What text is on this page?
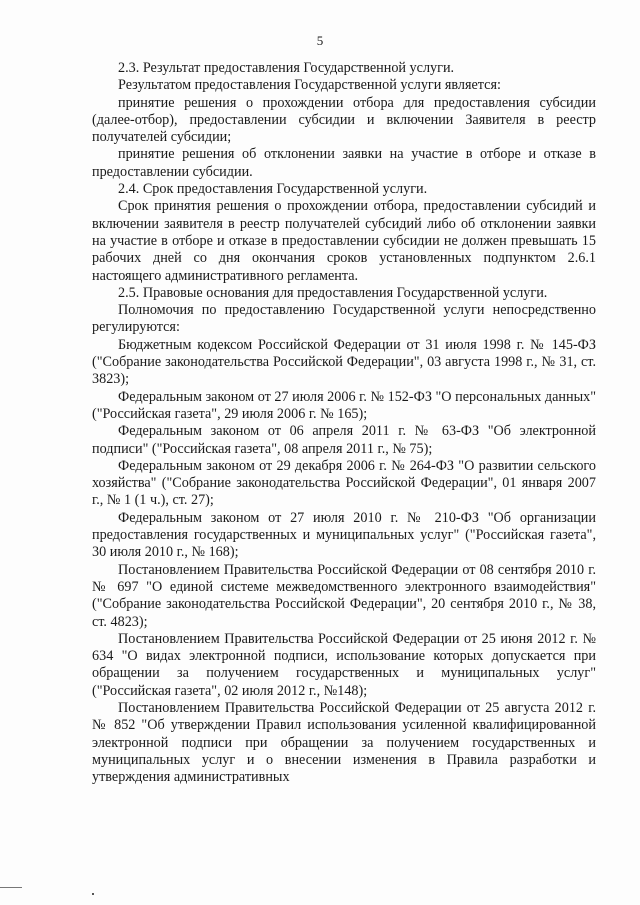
5

2.3. Результат предоставления Государственной услуги.

Результатом предоставления Государственной услуги является:

принятие решения о прохождении отбора для предоставления субсидии (далее-отбор), предоставлении субсидии и включении Заявителя в реестр получателей субсидии;

принятие решения об отклонении заявки на участие в отборе и отказе в предоставлении субсидии.

2.4. Срок предоставления Государственной услуги.

Срок принятия решения о прохождении отбора, предоставлении субсидий и включении заявителя в реестр получателей субсидий либо об отклонении заявки на участие в отборе и отказе в предоставлении субсидии не должен превышать 15 рабочих дней со дня окончания сроков установленных подпунктом 2.6.1 настоящего административного регламента.

2.5. Правовые основания для предоставления Государственной услуги.

Полномочия по предоставлению Государственной услуги непосредственно регулируются:

Бюджетным кодексом Российской Федерации от 31 июля 1998 г. № 145-ФЗ ("Собрание законодательства Российской Федерации", 03 августа 1998 г., № 31, ст. 3823);

Федеральным законом от 27 июля 2006 г. № 152-ФЗ "О персональных данных" ("Российская газета", 29 июля 2006 г. № 165);

Федеральным законом от 06 апреля 2011 г. № 63-ФЗ "Об электронной подписи" ("Российская газета", 08 апреля 2011 г., № 75);

Федеральным законом от 29 декабря 2006 г. № 264-ФЗ "О развитии сельского хозяйства" ("Собрание законодательства Российской Федерации", 01 января 2007 г., № 1 (1 ч.), ст. 27);

Федеральным законом от 27 июля 2010 г. № 210-ФЗ "Об организации предоставления государственных и муниципальных услуг" ("Российская газета", 30 июля 2010 г., № 168);

Постановлением Правительства Российской Федерации от 08 сентября 2010 г. № 697 "О единой системе межведомственного электронного взаимодействия" ("Собрание законодательства Российской Федерации", 20 сентября 2010 г., № 38, ст. 4823);

Постановлением Правительства Российской Федерации от 25 июня 2012 г. № 634 "О видах электронной подписи, использование которых допускается при обращении за получением государственных и муниципальных услуг" ("Российская газета", 02 июля 2012 г., №148);

Постановлением Правительства Российской Федерации от 25 августа 2012 г. № 852 "Об утверждении Правил использования усиленной квалифицированной электронной подписи при обращении за получением государственных и муниципальных услуг и о внесении изменения в Правила разработки и утверждения административных
